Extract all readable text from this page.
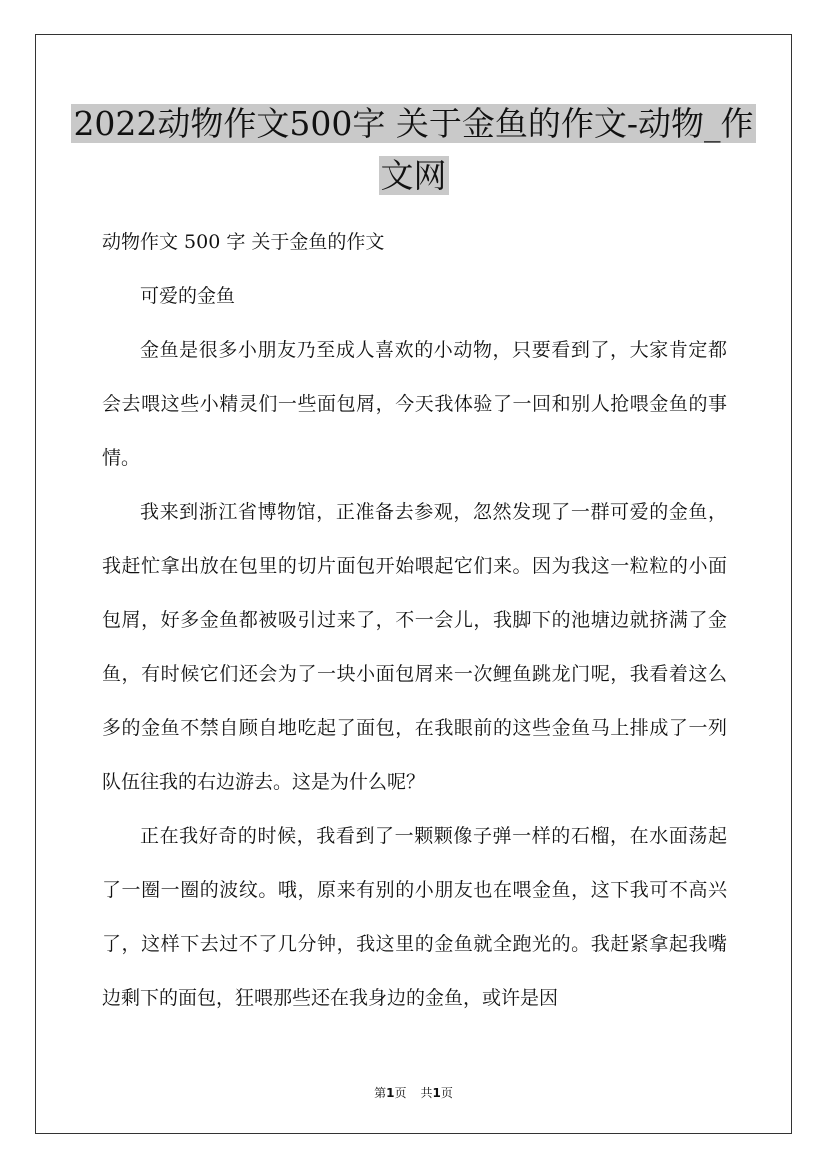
2022动物作文500字 关于金鱼的作文-动物_作文网

动物作文 500 字 关于金鱼的作文

可爱的金鱼

金鱼是很多小朋友乃至成人喜欢的小动物，只要看到了，大家肯定都会去喂这些小精灵们一些面包屑，今天我体验了一回和别人抢喂金鱼的事情。

我来到浙江省博物馆，正准备去参观，忽然发现了一群可爱的金鱼，我赶忙拿出放在包里的切片面包开始喂起它们来。因为我这一粒粒的小面包屑，好多金鱼都被吸引过来了，不一会儿，我脚下的池塘边就挤满了金鱼，有时候它们还会为了一块小面包屑来一次鲤鱼跳龙门呢，我看着这么多的金鱼不禁自顾自地吃起了面包，在我眼前的这些金鱼马上排成了一列队伍往我的右边游去。这是为什么呢？

正在我好奇的时候，我看到了一颗颗像子弹一样的石榴，在水面荡起了一圈一圈的波纹。哦，原来有别的小朋友也在喂金鱼，这下我可不高兴了，这样下去过不了几分钟，我这里的金鱼就全跑光的。我赶紧拿起我嘴边剩下的面包，狂喂那些还在我身边的金鱼，或许是因

第1页 共1页
